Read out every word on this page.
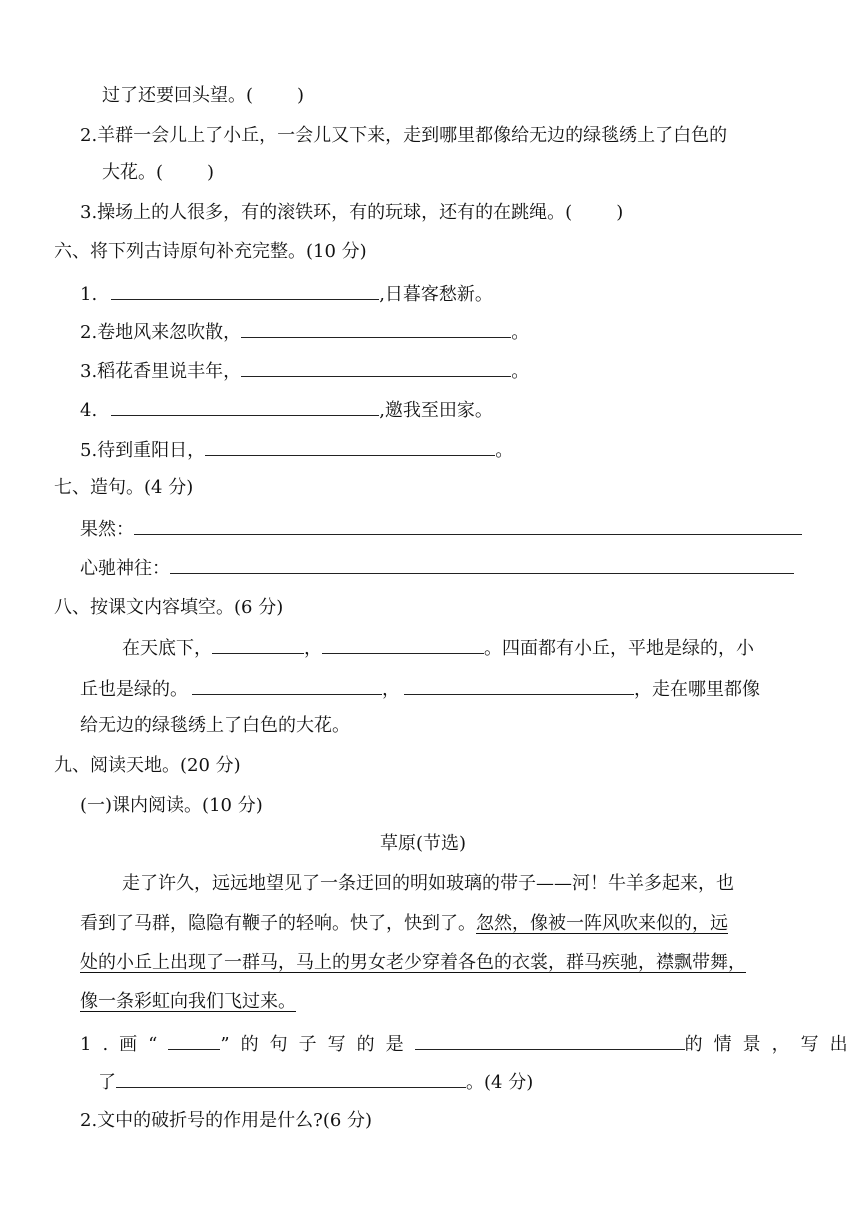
过了还要回头望。( )
2.羊群一会儿上了小丘，一会儿又下来，走到哪里都像给无边的绿毯绣上了白色的
大花。( )
3.操场上的人很多，有的滚铁环，有的玩球，还有的在跳绳。( )
六、将下列古诗原句补充完整。(10 分)
1.	,日暮客愁新。
2.卷地风来忽吹散，	。
3.稻花香里说丰年，	。
4.	,邀我至田家。
5.待到重阳日，	。
七、造句。(4 分)
果然：
心驰神往：
八、按课文内容填空。(6 分)
在天底下，	，	。四面都有小丘，平地是绿的，小
丘也是绿的。	，	，走在哪里都像
给无边的绿毯绣上了白色的大花。
九、阅读天地。(20 分)
(一)课内阅读。(10 分)
草原(节选)
走了许久，远远地望见了一条迂回的明如玻璃的带子——河！牛羊多起来，也
看到了马群，隐隐有鞭子的轻响。快了，快到了。忽然，像被一阵风吹来似的，远
处的小丘上出现了一群马，马上的男女老少穿着各色的衣裳，群马疾驰，襟飘带舞，
像一条彩虹向我们飞过来。
1.画“	”的句子写的是	的情景，写出
了	。(4 分)
2.文中的破折号的作用是什么?(6 分)
